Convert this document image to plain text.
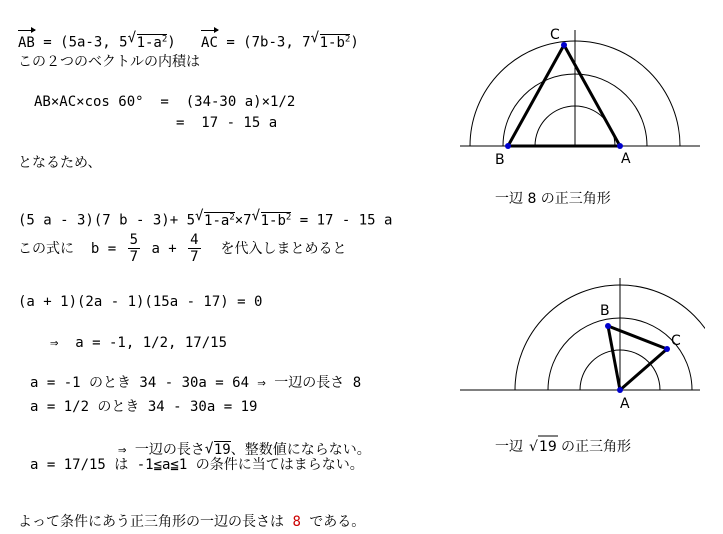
AB = (5a-3, 5 √ $1-a^2$) AC = (7b-3, 7 √ $1-b^2$)

この２つのベクトルの内積は
AB×AC×cos 60°  =  (34-30 a)×1/2
=  17 - 15 a
となるため、

(5 a - 3)(7 b - 3)+ 5 √ $1-a^2\times 7$ √ $1-b^2 = 17 - 15$ a

この式に  $b = \frac{5}{7}$ $a + \frac{4}{7}$ を代入しまとめると
(a + 1)(2a - 1)(15a - 17) = 0
⇒  a = -1, 1/2, 17/15
a = -1 のとき 34 - 30a = 64 ⇒ 一辺の長さ 8
a = 1/2 のとき 34 - 30a = 19

⇒ 一辺の長さ √ 19、整数値にならない。

a = 17/15 は -1≦a≦1 の条件に当てはまらない。

よって条件にあう正三角形の一辺の長さは 8 である。

A
B
C
一辺 8 の正三角形
A
B
C
一辺 √ 19 の正三角形
